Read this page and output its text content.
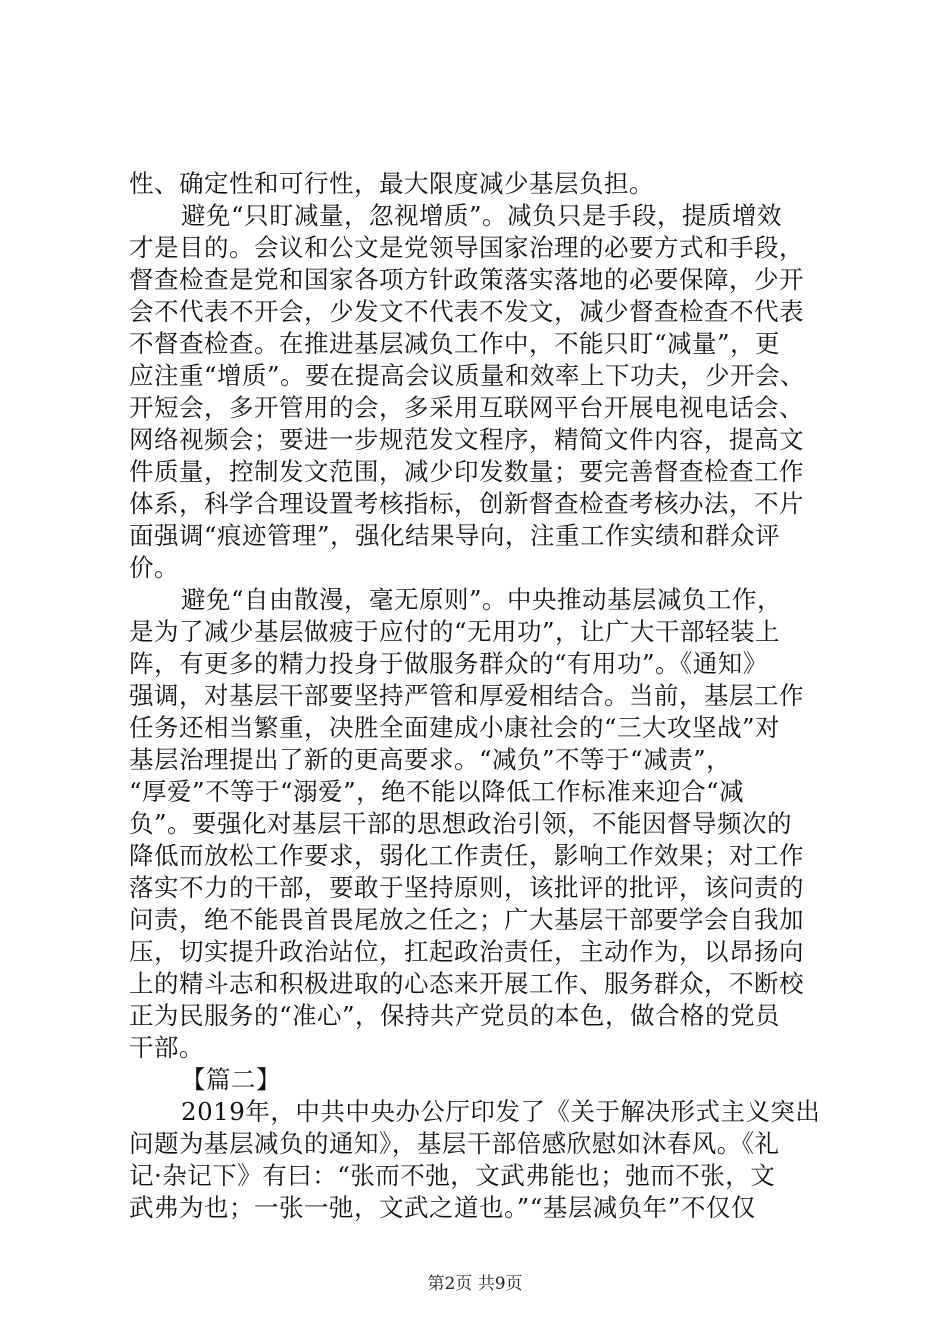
性、确定性和可行性，最大限度减少基层负担。
避免“只盯减量，忽视增质”。减负只是手段，提质增效
才是目的。会议和公文是党领导国家治理的必要方式和手段，
督查检查是党和国家各项方针政策落实落地的必要保障，少开
会不代表不开会，少发文不代表不发文，减少督查检查不代表
不督查检查。在推进基层减负工作中，不能只盯“减量”，更
应注重“增质”。要在提高会议质量和效率上下功夫，少开会、
开短会，多开管用的会，多采用互联网平台开展电视电话会、
网络视频会；要进一步规范发文程序，精简文件内容，提高文
件质量，控制发文范围，减少印发数量；要完善督查检查工作
体系，科学合理设置考核指标，创新督查检查考核办法，不片
面强调“痕迹管理”，强化结果导向，注重工作实绩和群众评
价。
避免“自由散漫，毫无原则”。中央推动基层减负工作，
是为了减少基层做疲于应付的“无用功”，让广大干部轻装上
阵，有更多的精力投身于做服务群众的“有用功”。《通知》
强调，对基层干部要坚持严管和厚爱相结合。当前，基层工作
任务还相当繁重，决胜全面建成小康社会的“三大攻坚战”对
基层治理提出了新的更高要求。“减负”不等于“减责”，
“厚爱”不等于“溺爱”，绝不能以降低工作标准来迎合“减
负”。要强化对基层干部的思想政治引领，不能因督导频次的
降低而放松工作要求，弱化工作责任，影响工作效果；对工作
落实不力的干部，要敢于坚持原则，该批评的批评，该问责的
问责，绝不能畏首畏尾放之任之；广大基层干部要学会自我加
压，切实提升政治站位，扛起政治责任，主动作为，以昂扬向
上的精斗志和积极进取的心态来开展工作、服务群众，不断校
正为民服务的“准心”，保持共产党员的本色，做合格的党员
干部。
【篇二】
2019年，中共中央办公厅印发了《关于解决形式主义突出
问题为基层减负的通知》，基层干部倍感欣慰如沐春风。《礼
记·杂记下》有曰：“张而不弛，文武弗能也；弛而不张，文
武弗为也；一张一弛，文武之道也。”“基层减负年”不仅仅
第2页 共9页
